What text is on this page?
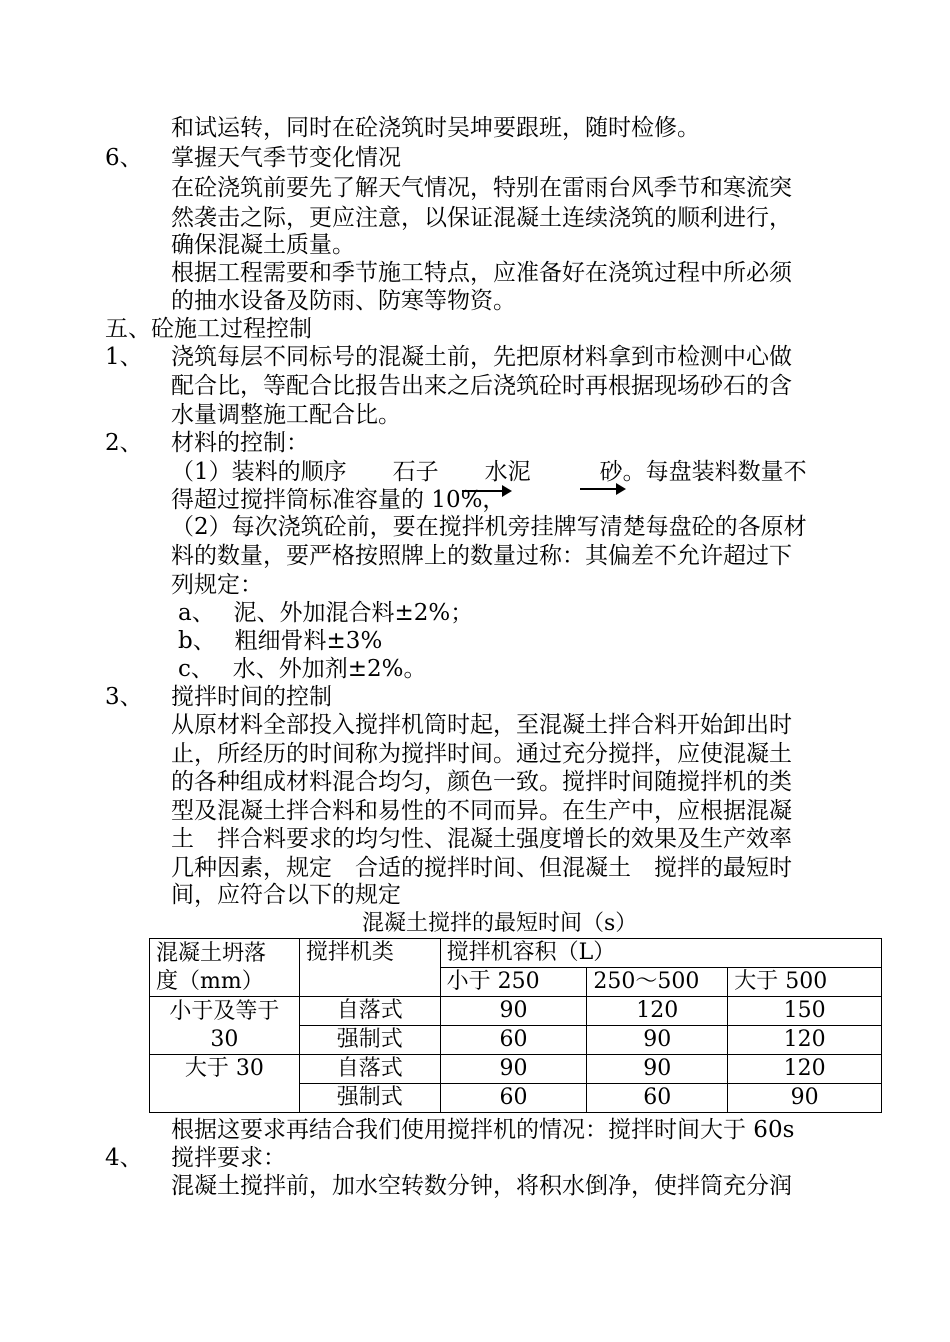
和试运转，同时在砼浇筑时吴坤要跟班，随时检修。
6、 掌握天气季节变化情况
在砼浇筑前要先了解天气情况，特别在雷雨台风季节和寒流突
然袭击之际，更应注意，以保证混凝土连续浇筑的顺利进行，
确保混凝土质量。
根据工程需要和季节施工特点，应准备好在浇筑过程中所必须
的抽水设备及防雨、防寒等物资。
五、砼施工过程控制
1、 浇筑每层不同标号的混凝土前，先把原材料拿到市检测中心做
配合比，等配合比报告出来之后浇筑砼时再根据现场砂石的含
水量调整施工配合比。
2、 材料的控制：
（1）装料的顺序　　石子　　水泥　　　砂。每盘装料数量不
得超过搅拌筒标准容量的 10%，
（2）每次浇筑砼前，要在搅拌机旁挂牌写清楚每盘砼的各原材
料的数量，要严格按照牌上的数量过称：其偏差不允许超过下
列规定：
a、　 泥、外加混合料±2%；
b、　 粗细骨料±3%
c、　 水、外加剂±2%。
3、 搅拌时间的控制
从原材料全部投入搅拌机筒时起，至混凝土拌合料开始卸出时
止，所经历的时间称为搅拌时间。通过充分搅拌，应使混凝土
的各种组成材料混合均匀，颜色一致。搅拌时间随搅拌机的类
型及混凝土拌合料和易性的不同而异。在生产中，应根据混凝
土　拌合料要求的均匀性、混凝土强度增长的效果及生产效率
几种因素，规定　合适的搅拌时间、但混凝土　搅拌的最短时
间，应符合以下的规定
混凝土搅拌的最短时间（s）
混凝土坍落
度（mm）	搅拌机类	搅拌机容积（L）		
		小于 250	250～500	大于 500
小于及等于
30	自落式	90	120	150
	强制式	60	90	120
大于 30	自落式	90	90	120
	强制式	60	60	90
根据这要求再结合我们使用搅拌机的情况：搅拌时间大于 60s
4、 搅拌要求：
混凝土搅拌前，加水空转数分钟，将积水倒净，使拌筒充分润
